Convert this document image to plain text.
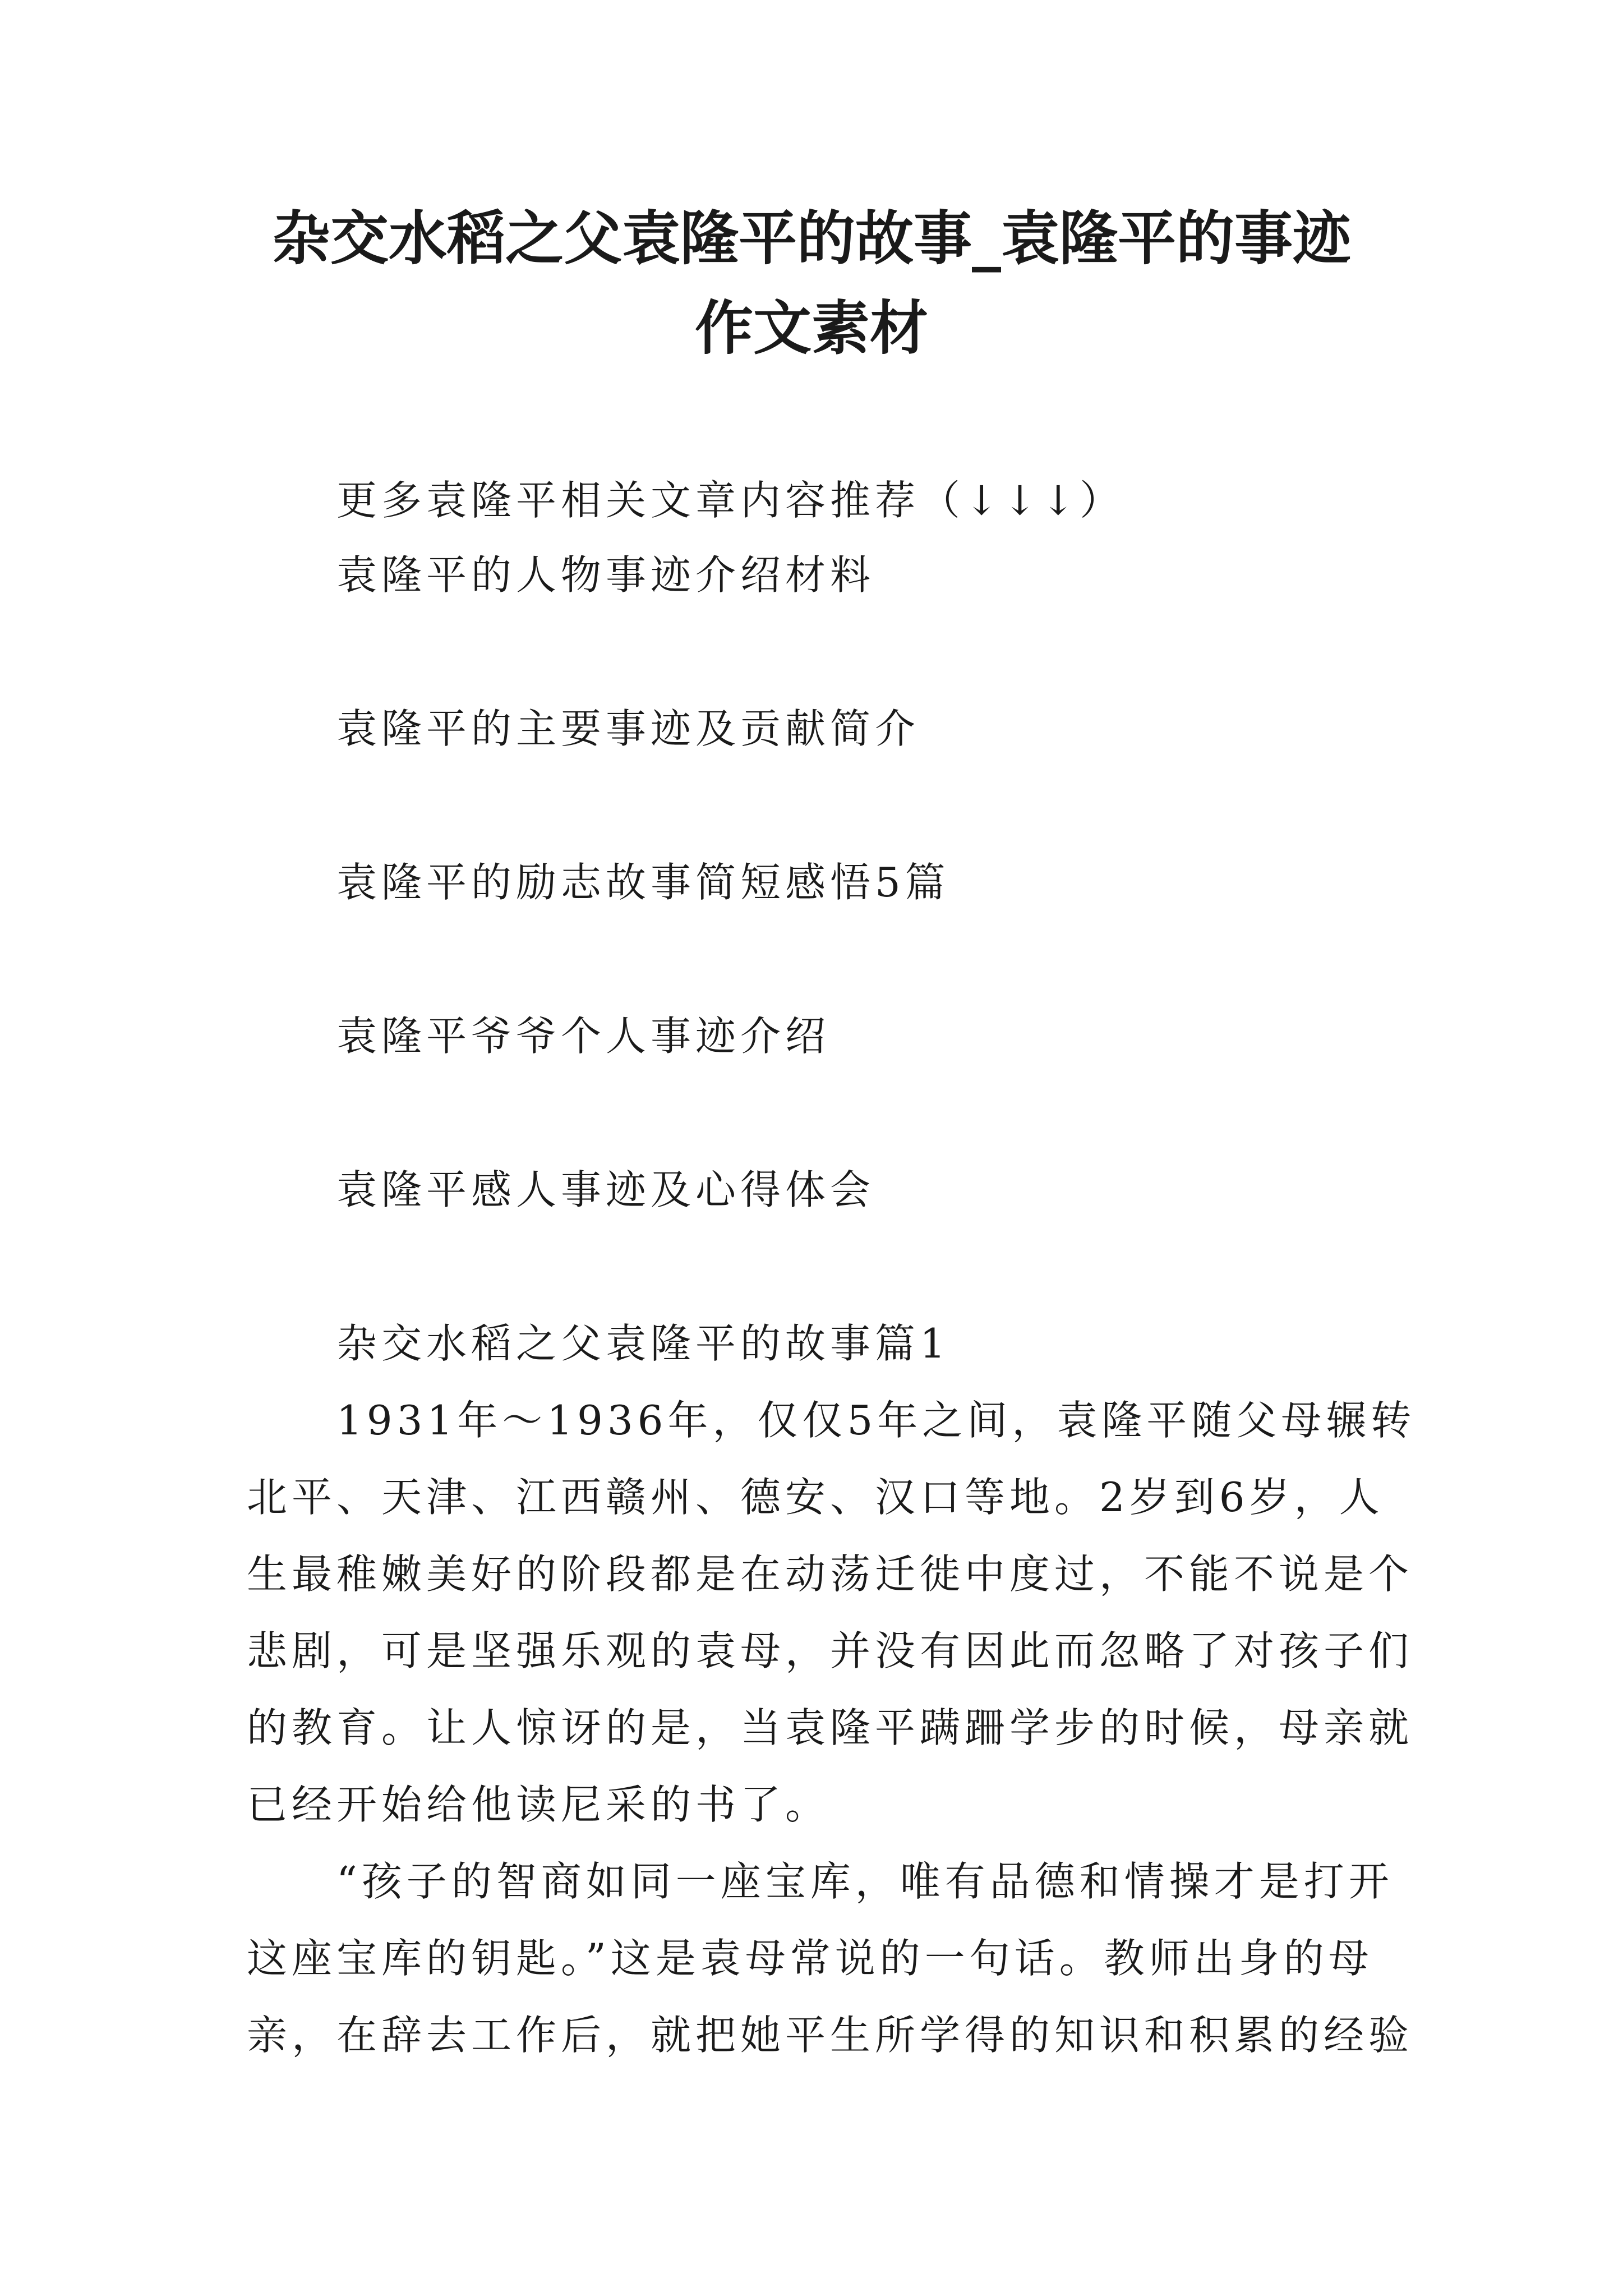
杂交水稻之父袁隆平的故事_袁隆平的事迹
作文素材
更多袁隆平相关文章内容推荐（↓↓↓）
袁隆平的人物事迹介绍材料
袁隆平的主要事迹及贡献简介
袁隆平的励志故事简短感悟5篇
袁隆平爷爷个人事迹介绍
袁隆平感人事迹及心得体会
杂交水稻之父袁隆平的故事篇1
1931年～1936年，仅仅5年之间，袁隆平随父母辗转
北平、天津、江西赣州、德安、汉口等地。2岁到6岁，人
生最稚嫩美好的阶段都是在动荡迁徙中度过，不能不说是个
悲剧，可是坚强乐观的袁母，并没有因此而忽略了对孩子们
的教育。让人惊讶的是，当袁隆平蹒跚学步的时候，母亲就
已经开始给他读尼采的书了。
“孩子的智商如同一座宝库，唯有品德和情操才是打开
这座宝库的钥匙。”这是袁母常说的一句话。教师出身的母
亲，在辞去工作后，就把她平生所学得的知识和积累的经验
